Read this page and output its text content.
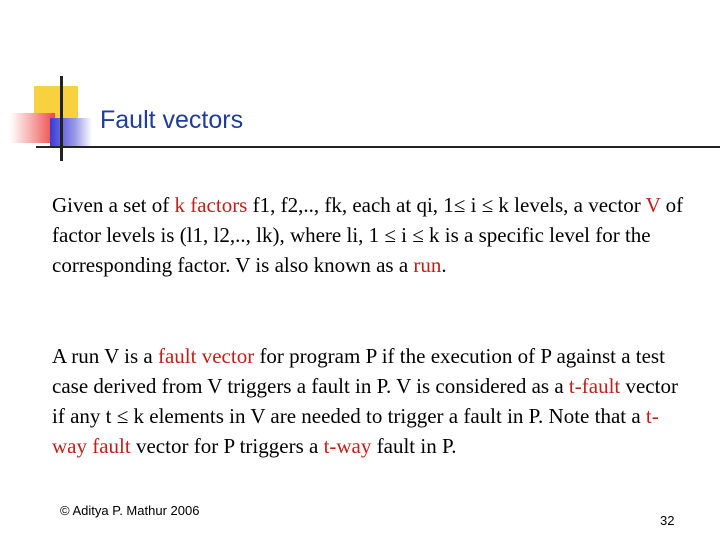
Fault vectors

Given a set of k factors f1, f2,.., fk, each at qi, 1≤ i ≤ k levels, a vector V of factor levels is (l1, l2,.., lk), where li, 1 ≤ i ≤ k is a specific level for the corresponding factor. V is also known as a run.

A run V is a fault vector for program P if the execution of P against a test case derived from V triggers a fault in P. V is considered as a t-fault vector if any t ≤ k elements in V are needed to trigger a fault in P. Note that a t-way fault vector for P triggers a t-way fault in P.

© Aditya P. Mathur 2006
32
